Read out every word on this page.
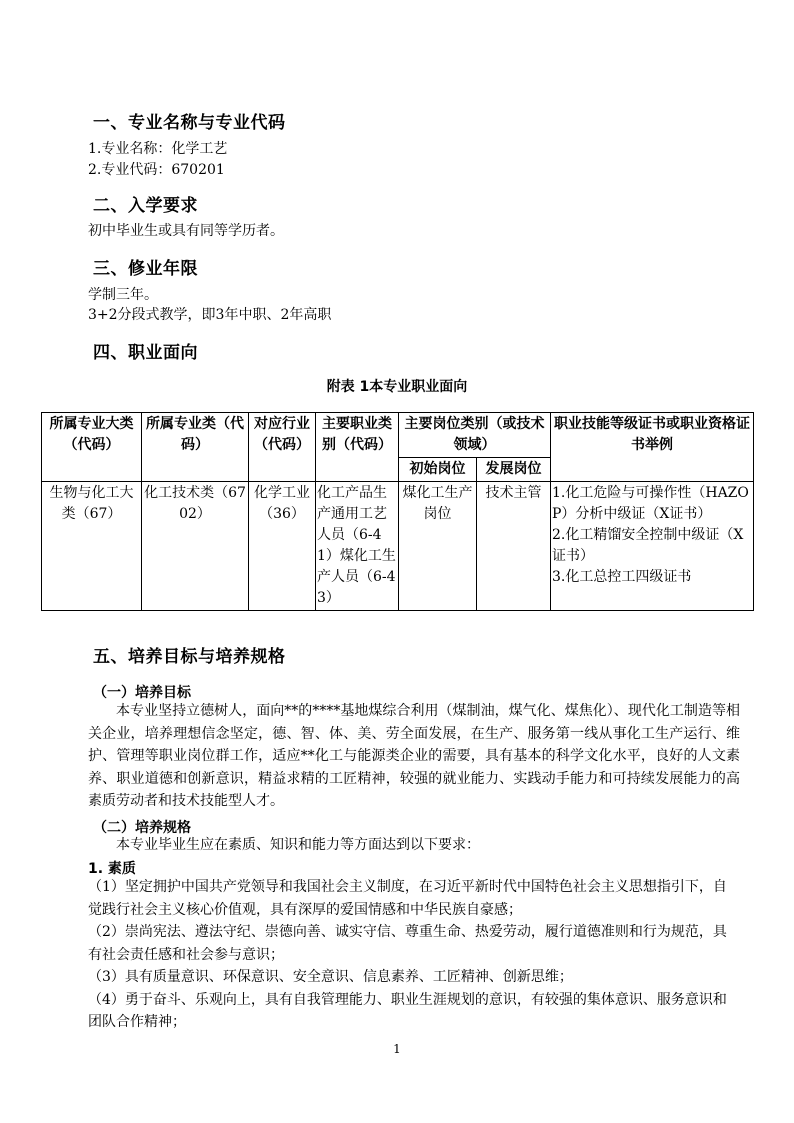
一、专业名称与专业代码
1.专业名称：化学工艺
2.专业代码：670201
二、入学要求
初中毕业生或具有同等学历者。
三、修业年限
学制三年。
3+2分段式教学，即3年中职、2年高职
四、职业面向
附表 1本专业职业面向
所属专业大类（代码）	所属专业类（代码）	对应行业（代码）	主要职业类别（代码）	主要岗位类别（或技术领域）		职业技能等级证书或职业资格证书举例
				初始岗位	发展岗位	
生物与化工大类（67）	化工技术类（6702）	化学工业（36）	化工产品生产通用工艺人员（6-41）煤化工生产人员（6-43）	煤化工生产岗位	技术主管	1.化工危险与可操作性（HAZOP）分析中级证（X证书）
2.化工精馏安全控制中级证（X证书）
3.化工总控工四级证书
五、培养目标与培养规格
（一）培养目标

本专业坚持立德树人，面向**的****基地煤综合利用（煤制油，煤气化、煤焦化）、现代化工制造等相关企业，培养理想信念坚定，德、智、体、美、劳全面发展，在生产、服务第一线从事化工生产运行、维护、管理等职业岗位群工作，适应**化工与能源类企业的需要，具有基本的科学文化水平，良好的人文素养、职业道德和创新意识，精益求精的工匠精神，较强的就业能力、实践动手能力和可持续发展能力的高素质劳动者和技术技能型人才。

（二）培养规格

本专业毕业生应在素质、知识和能力等方面达到以下要求：

1. 素质
（1）坚定拥护中国共产党领导和我国社会主义制度，在习近平新时代中国特色社会主义思想指引下，自觉践行社会主义核心价值观，具有深厚的爱国情感和中华民族自豪感；
（2）崇尚宪法、遵法守纪、崇德向善、诚实守信、尊重生命、热爱劳动，履行道德准则和行为规范，具有社会责任感和社会参与意识；
（3）具有质量意识、环保意识、安全意识、信息素养、工匠精神、创新思维；
（4）勇于奋斗、乐观向上，具有自我管理能力、职业生涯规划的意识，有较强的集体意识、服务意识和团队合作精神；
1
